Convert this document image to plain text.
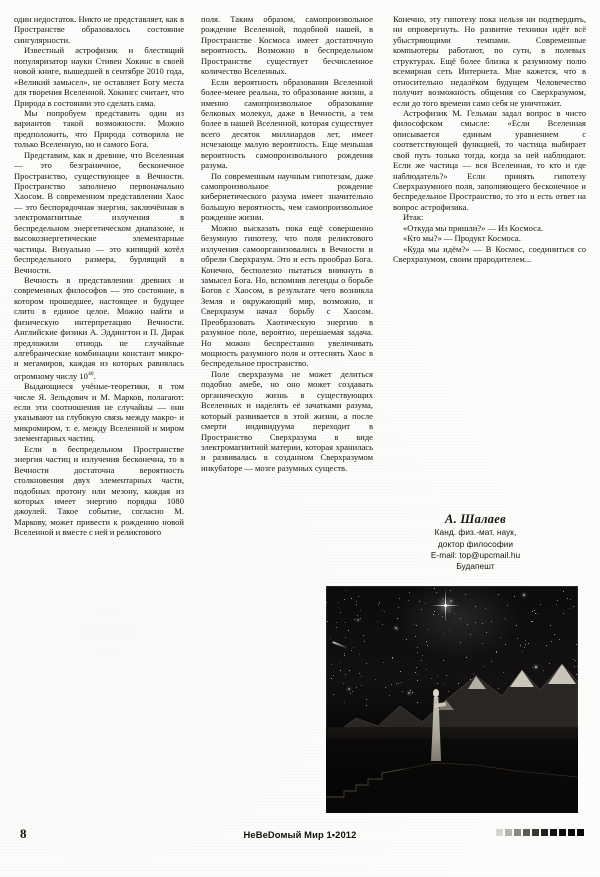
один недостаток. Никто не представляет, как в Пространстве образовалось состояние сингулярности.

Известный астрофизик и блестящий популяризатор науки Стивен Хокинс в своей новой книге, вышедшей в сентябре 2010 года, «Великий замысел», не оставляет Богу места для творения Вселенной. Хокингс считает, что Природа в состоянии это сделать сама.

Мы попробуем представить один из вариантов такой возможности. Можно предположить, что Природа сотворила не только Вселенную, но и самого Бога.

Представим, как и древние, что Вселенная — это безграничное, бесконечное Пространство, существующее в Вечности. Пространство заполнено первоначально Хаосом. В современном представлении Хаос — это беспорядочная энергия, заключённая в электромагнитные излучения в беспредельном энергетическом диапазоне, и высокоэнергетические элементарные частицы. Визуально — это кипящий котёл беспредельного размера, бурлящий в Вечности.

Вечность в представлении древних и современных философов — это состояние, в котором прошедшее, настоящее и будущее слито в единое целое. Можно найти и физическую интерпретацию Вечности. Английские физики А. Эддингтон и П. Дирак предложили отнюдь не случайные алгебраические комбинации констант микро- и мегамиров, каждая из которых равнялась огромному числу $10^{40}$.

Выдающиеся учёные-теоретики, в том числе Я. Зельдович и М. Марков, полагают: если эти соотношения не случайны — они указывают на глубокую связь между макро- и микромиром, т. е. между Вселенной и миром элементарных частиц.

Если в беспредельном Пространстве энергия частиц и излучения бесконечна, то в Вечности достаточна вероятность столкновения двух элементарных части, подобных протону или мезону, каждая из которых имеет энергию порядка 1080 джоулей. Такое событие, согласно М. Маркову, может привести к рождению новой Вселенной и вместе с ней и реликтового

поля. Таким образом, самопроизвольное рождение Вселенной, подобной нашей, в Пространстве Космоса имеет достаточную вероятность. Возможно в беспредельном Пространстве существует бесчисленное количество Вселенных.

Если вероятность образования Вселенной более-менее реальна, то образование жизни, а именно самопроизвольное образование белковых молекул, даже в Вечности, а тем более в нашей Вселенной, которая существует всего десяток миллиардов лет, имеет исчезающе малую вероятность. Еще меньшая вероятность самопроизвольного рождения разума.

По современным научным гипотезам, даже самопроизвольное рождение кибернетического разума имеет значительно большую вероятность, чем самопроизвольное рождение жизни.

Можно высказать пока ещё совершенно безумную гипотезу, что поля реликтового излучения самоорганизовались в Вечности и обрели Сверхразум. Это и есть прообраз Бога. Конечно, бесполезно пытаться вникнуть в замысел Бога. Но, вспомнив легенды о борьбе Богов с Хаосом, в результате чего возникла Земля и окружающий мир, возможно, и Сверхразум начал борьбу с Хаосом. Преобразовать Хаотическую энергию в разумное поле, вероятно, нерешаемая задача. Но можно беспрестанно увеличивать мощность разумного поля и оттеснять Хаос в беспредельное пространство.

Поле сверхразума не может делиться подобно амебе, но оно может создавать органическую жизнь в существующих Вселенных и наделять её зачатками разума, который развивается в этой жизни, а после смерти индивидуума переходит в Пространство Сверхразума в виде электромагнитной материи, которая хранилась и развивалась в созданном Сверхразумом инкубаторе — мозге разумных существ.

Конечно, эту гипотезу пока нельзя ни подтвердить, ни опровергнуть. Но развитие техники идёт всё убыстряющими темпами. Современные компьютеры работают, по сути, в полевых структурах. Ещё более близка к разумному полю всемирная сеть Интернета. Мне кажется, что в относительно недалёком будущем Человечество получит возможность общения со Сверхразумом, если до того времени само себя не уничтожит.

Астрофизик М. Гельман задал вопрос в чисто философском смысле: «Если Вселенная описывается единым уравнением с соответствующей функцией, то частица выбирает свой путь только тогда, когда за ней наблюдают. Если же частица — вся Вселенная, то кто и где наблюдатель?» Если принять гипотезу Сверхразумного поля, заполняющего бесконечное и беспредельное Пространство, то это и есть ответ на вопрос астрофизика.

Итак:

«Откуда мы пришли?» — Из Космоса.

«Кто мы?» — Продукт Космоса.

«Куда мы идём?» — В Космос, соединиться со Сверхразумом, своим прародителем...

А. Шалаев
Канд. физ.-мат. наук,
доктор философии
E-mail: top@upcmail.hu
Будапешт
8	НеВеDомый Мир 1•2012
